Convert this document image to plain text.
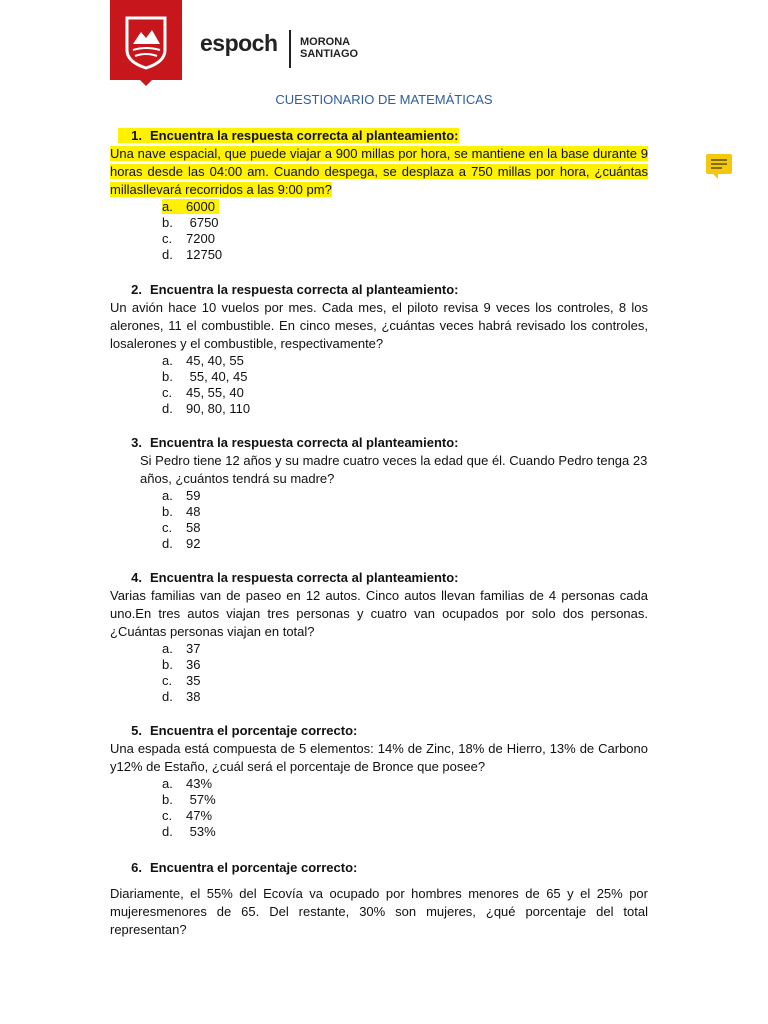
espoch MORONA
SANTIAGO
CUESTIONARIO DE MATEMÁTICAS
1. Encuentra la respuesta correcta al planteamiento:
Una nave espacial, que puede viajar a 900 millas por hora, se mantiene en la base durante 9 horas desde las 04:00 am. Cuando despega, se desplaza a 750 millas por hora, ¿cuántas millasllevará recorridos a las 9:00 pm?
a. 6000
b. 6750
c. 7200
d. 12750
2. Encuentra la respuesta correcta al planteamiento:
Un avión hace 10 vuelos por mes. Cada mes, el piloto revisa 9 veces los controles, 8 los alerones, 11 el combustible. En cinco meses, ¿cuántas veces habrá revisado los controles, losalerones y el combustible, respectivamente?
a. 45, 40, 55
b. 55, 40, 45
c. 45, 55, 40
d. 90, 80, 110
3. Encuentra la respuesta correcta al planteamiento:
Si Pedro tiene 12 años y su madre cuatro veces la edad que él. Cuando Pedro tenga 23 años, ¿cuántos tendrá su madre?
a. 59
b. 48
c. 58
d. 92
4. Encuentra la respuesta correcta al planteamiento:
Varias familias van de paseo en 12 autos. Cinco autos llevan familias de 4 personas cada uno.En tres autos viajan tres personas y cuatro van ocupados por solo dos personas. ¿Cuántas personas viajan en total?
a. 37
b. 36
c. 35
d. 38
5. Encuentra el porcentaje correcto:
Una espada está compuesta de 5 elementos: 14% de Zinc, 18% de Hierro, 13% de Carbono y12% de Estaño, ¿cuál será el porcentaje de Bronce que posee?
a. 43%
b. 57%
c. 47%
d. 53%
6. Encuentra el porcentaje correcto:
Diariamente, el 55% del Ecovía va ocupado por hombres menores de 65 y el 25% por mujeresmenores de 65. Del restante, 30% son mujeres, ¿qué porcentaje del total representan?
